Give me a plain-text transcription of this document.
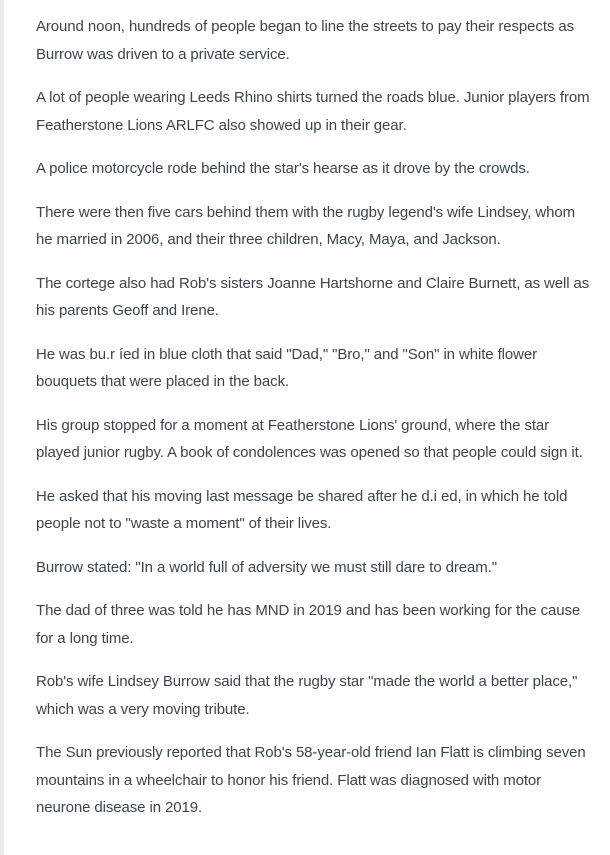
Around noon, hundreds of people began to line the streets to pay their respects as Burrow was driven to a private service.

A lot of people wearing Leeds Rhino shirts turned the roads blue. Junior players from Featherstone Lions ARLFC also showed up in their gear.

A police motorcycle rode behind the star's hearse as it drove by the crowds.

There were then five cars behind them with the rugby legend's wife Lindsey, whom he married in 2006, and their three children, Macy, Maya, and Jackson.

The cortege also had Rob's sisters Joanne Hartshorne and Claire Burnett, as well as his parents Geoff and Irene.

He was bu.r íed in blue cloth that said "Dad," "Bro," and "Son" in white flower bouquets that were placed in the back.

His group stopped for a moment at Featherstone Lions' ground, where the star played junior rugby. A book of condolences was opened so that people could sign it.

He asked that his moving last message be shared after he d.i ed, in which he told people not to "waste a moment" of their lives.

Burrow stated: "In a world full of adversity we must still dare to dream."

The dad of three was told he has MND in 2019 and has been working for the cause for a long time.

Rob's wife Lindsey Burrow said that the rugby star "made the world a better place," which was a very moving tribute.

The Sun previously reported that Rob's 58-year-old friend Ian Flatt is climbing seven mountains in a wheelchair to honor his friend. Flatt was diagnosed with motor neurone disease in 2019.
